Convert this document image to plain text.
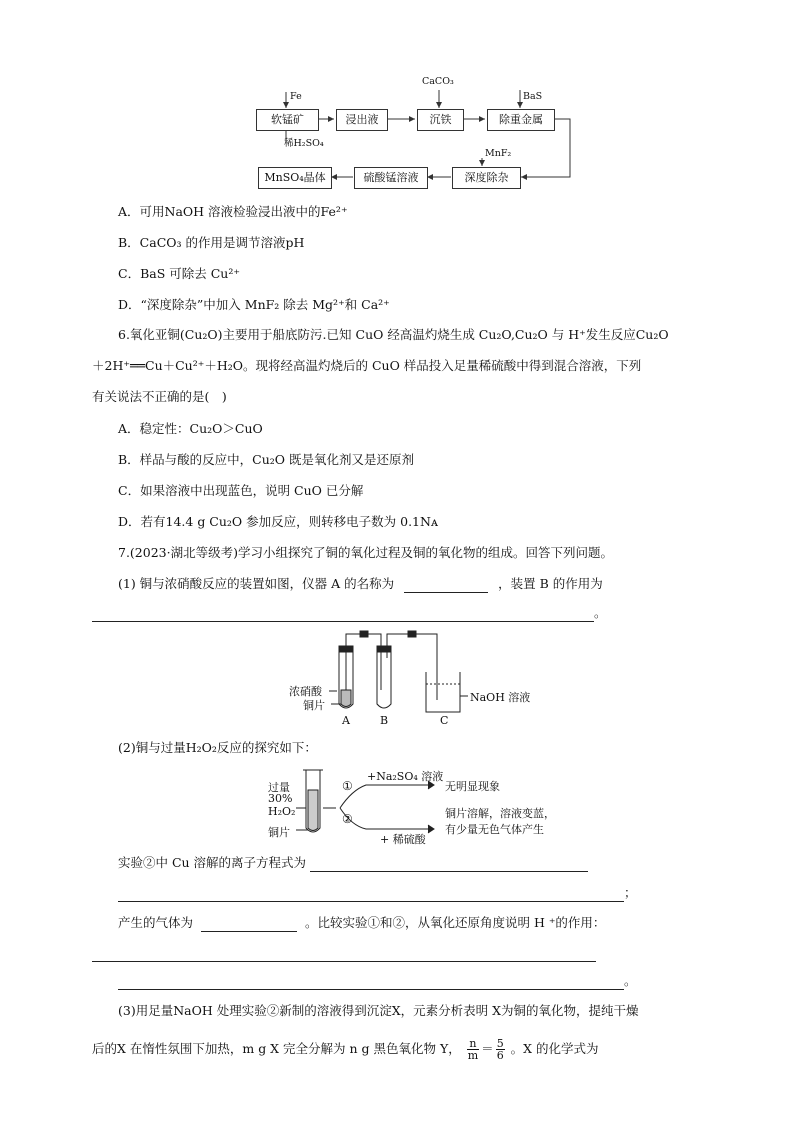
软锰矿	浸出液	沉铁	除重金属
深度除杂
硫酸锰溶液
MnSO₄晶体
Fe
稀H₂SO₄
CaCO₃
BaS
MnF₂
A．可用NaOH 溶液检验浸出液中的Fe²⁺
B．CaCO₃ 的作用是调节溶液pH
C．BaS 可除去 Cu²⁺
D．“深度除杂”中加入 MnF₂ 除去 Mg²⁺和 Ca²⁺
6.氧化亚铜(Cu₂O)主要用于船底防污.已知 CuO 经高温灼烧生成 Cu₂O,Cu₂O 与 H⁺发生反应Cu₂O
＋2H⁺══Cu＋Cu²⁺＋H₂O。现将经高温灼烧后的 CuO 样品投入足量稀硫酸中得到混合溶液，下列
有关说法不正确的是(　)
A．稳定性：Cu₂O＞CuO
B．样品与酸的反应中，Cu₂O 既是氧化剂又是还原剂
C．如果溶液中出现蓝色，说明 CuO 已分解
D．若有14.4 g Cu₂O 参加反应，则转移电子数为 0.1Nᴀ
7.(2023·湖北等级考)学习小组探究了铜的氧化过程及铜的氧化物的组成。回答下列问题。
(1) 铜与浓硝酸反应的装置如图，仪器 A 的名称为	，装置 B 的作用为
。
浓硝酸
铜片
NaOH 溶液
A	B	C
(2)铜与过量H₂O₂反应的探究如下：
过量
30%
H₂O₂
铜片
①
②
+Na₂SO₄ 溶液
+ 稀硫酸
无明显现象
铜片溶解，溶液变蓝，
有少量无色气体产生
实验②中 Cu 溶解的离子方程式为
；
产生的气体为	。比较实验①和②，从氧化还原角度说明 H ⁺的作用：
。
(3)用足量NaOH 处理实验②新制的溶液得到沉淀X，元素分析表明 X为铜的氧化物，提纯干燥
后的X 在惰性氛围下加热，m g X 完全分解为 n g 黑色氧化物 Y， $\frac{n}{m} = \frac{5}{6}$ 。X 的化学式为
